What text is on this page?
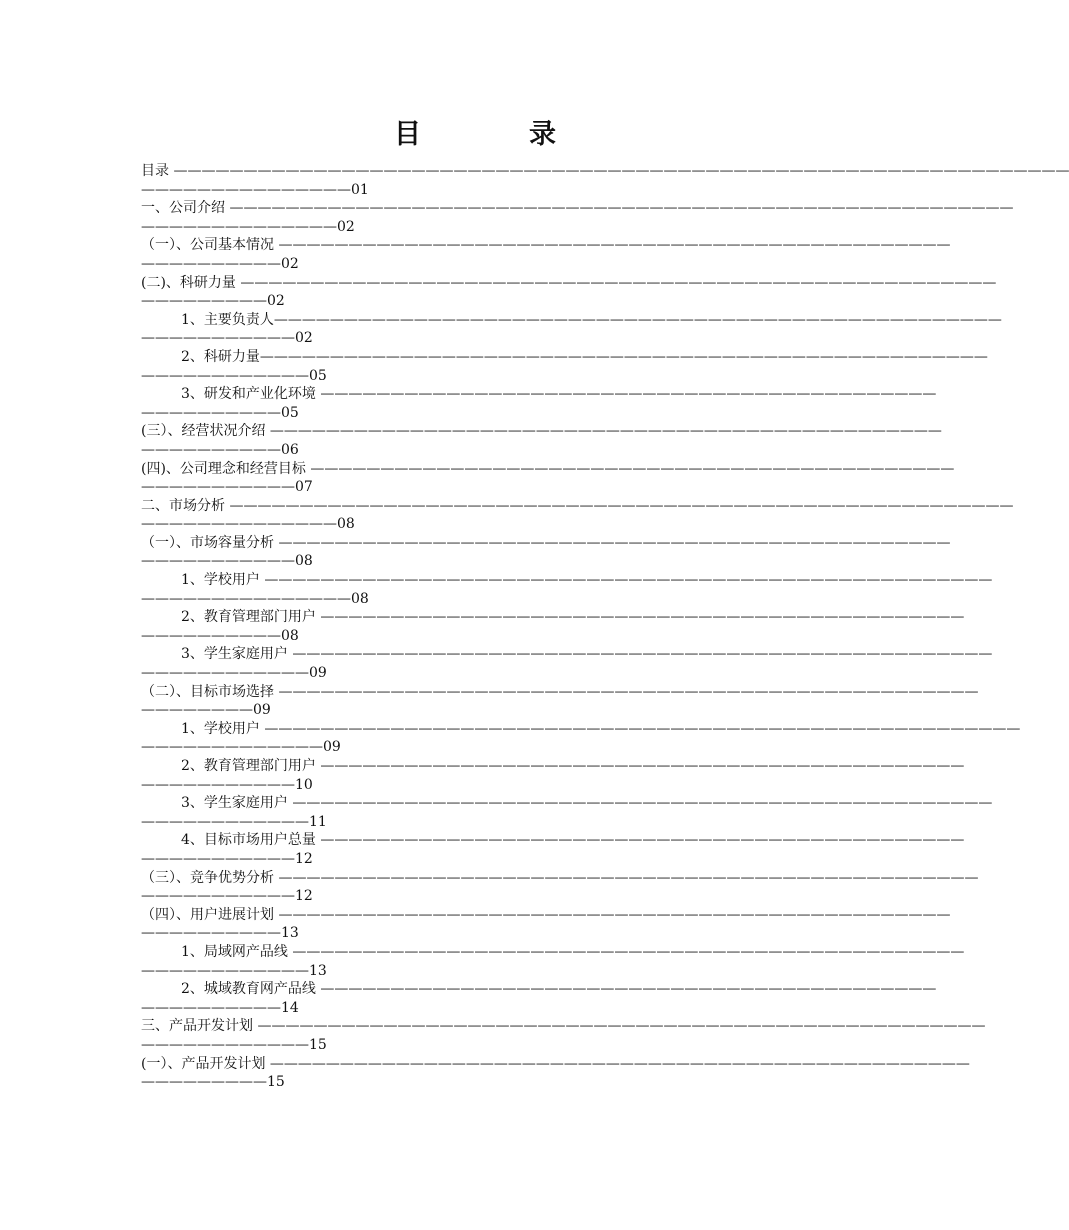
目　　　　录
目录 ————————————————————————————————————————————————————————————————
———————————————01
一、公司介绍 ————————————————————————————————————————————————————————
——————————————02
（一）、公司基本情况 ————————————————————————————————————————————————
——————————02
(二)、科研力量 ——————————————————————————————————————————————————————
—————————02
1、主要负责人————————————————————————————————————————————————————
———————————02
2、科研力量————————————————————————————————————————————————————
————————————05
3、研发和产业化环境 ————————————————————————————————————————————
——————————05
(三）、经营状况介绍 ————————————————————————————————————————————————
——————————06
(四)、公司理念和经营目标 ——————————————————————————————————————————————
———————————07
二、市场分析 ————————————————————————————————————————————————————————
——————————————08
（一）、市场容量分析 ————————————————————————————————————————————————
———————————08
1、学校用户 ————————————————————————————————————————————————————
———————————————08
2、教育管理部门用户 ——————————————————————————————————————————————
——————————08
3、学生家庭用户 ——————————————————————————————————————————————————
————————————09
（二）、目标市场选择 ——————————————————————————————————————————————————
————————09
1、学校用户 ——————————————————————————————————————————————————————
—————————————09
2、教育管理部门用户 ——————————————————————————————————————————————
———————————10
3、学生家庭用户 ——————————————————————————————————————————————————
————————————11
4、目标市场用户总量 ——————————————————————————————————————————————
———————————12
（三）、竞争优势分析 ——————————————————————————————————————————————————
———————————12
（四）、用户进展计划 ————————————————————————————————————————————————
——————————13
1、局域网产品线 ————————————————————————————————————————————————
————————————13
2、城域教育网产品线 ————————————————————————————————————————————
——————————14
三、产品开发计划 ————————————————————————————————————————————————————
————————————15
(一）、产品开发计划 ——————————————————————————————————————————————————
—————————15
